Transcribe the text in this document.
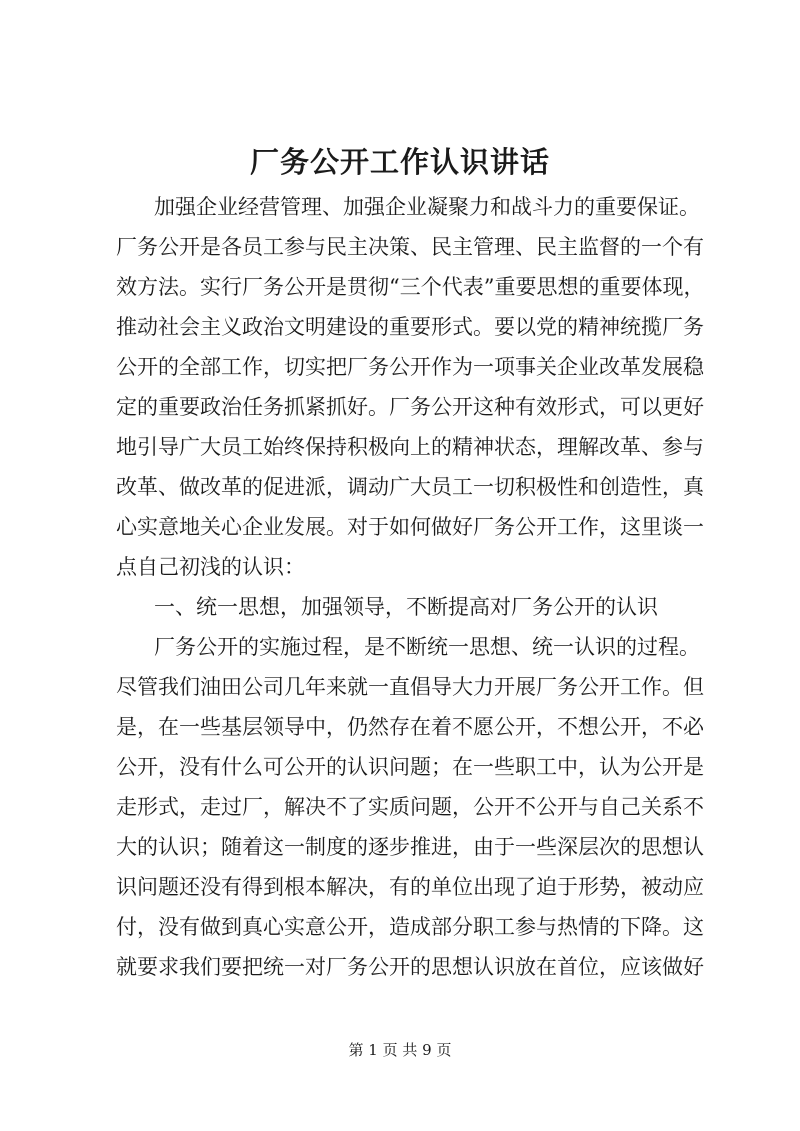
厂务公开工作认识讲话
加强企业经营管理、加强企业凝聚力和战斗力的重要保证。
厂务公开是各员工参与民主决策、民主管理、民主监督的一个有
效方法。实行厂务公开是贯彻“三个代表”重要思想的重要体现，
推动社会主义政治文明建设的重要形式。要以党的精神统揽厂务
公开的全部工作，切实把厂务公开作为一项事关企业改革发展稳
定的重要政治任务抓紧抓好。厂务公开这种有效形式，可以更好
地引导广大员工始终保持积极向上的精神状态，理解改革、参与
改革、做改革的促进派，调动广大员工一切积极性和创造性，真
心实意地关心企业发展。对于如何做好厂务公开工作，这里谈一
点自己初浅的认识：
一、统一思想，加强领导，不断提高对厂务公开的认识
厂务公开的实施过程，是不断统一思想、统一认识的过程。
尽管我们油田公司几年来就一直倡导大力开展厂务公开工作。但
是，在一些基层领导中，仍然存在着不愿公开，不想公开，不必
公开，没有什么可公开的认识问题；在一些职工中，认为公开是
走形式，走过厂，解决不了实质问题，公开不公开与自己关系不
大的认识；随着这一制度的逐步推进，由于一些深层次的思想认
识问题还没有得到根本解决，有的单位出现了迫于形势，被动应
付，没有做到真心实意公开，造成部分职工参与热情的下降。这
就要求我们要把统一对厂务公开的思想认识放在首位，应该做好
第 1 页 共 9 页
